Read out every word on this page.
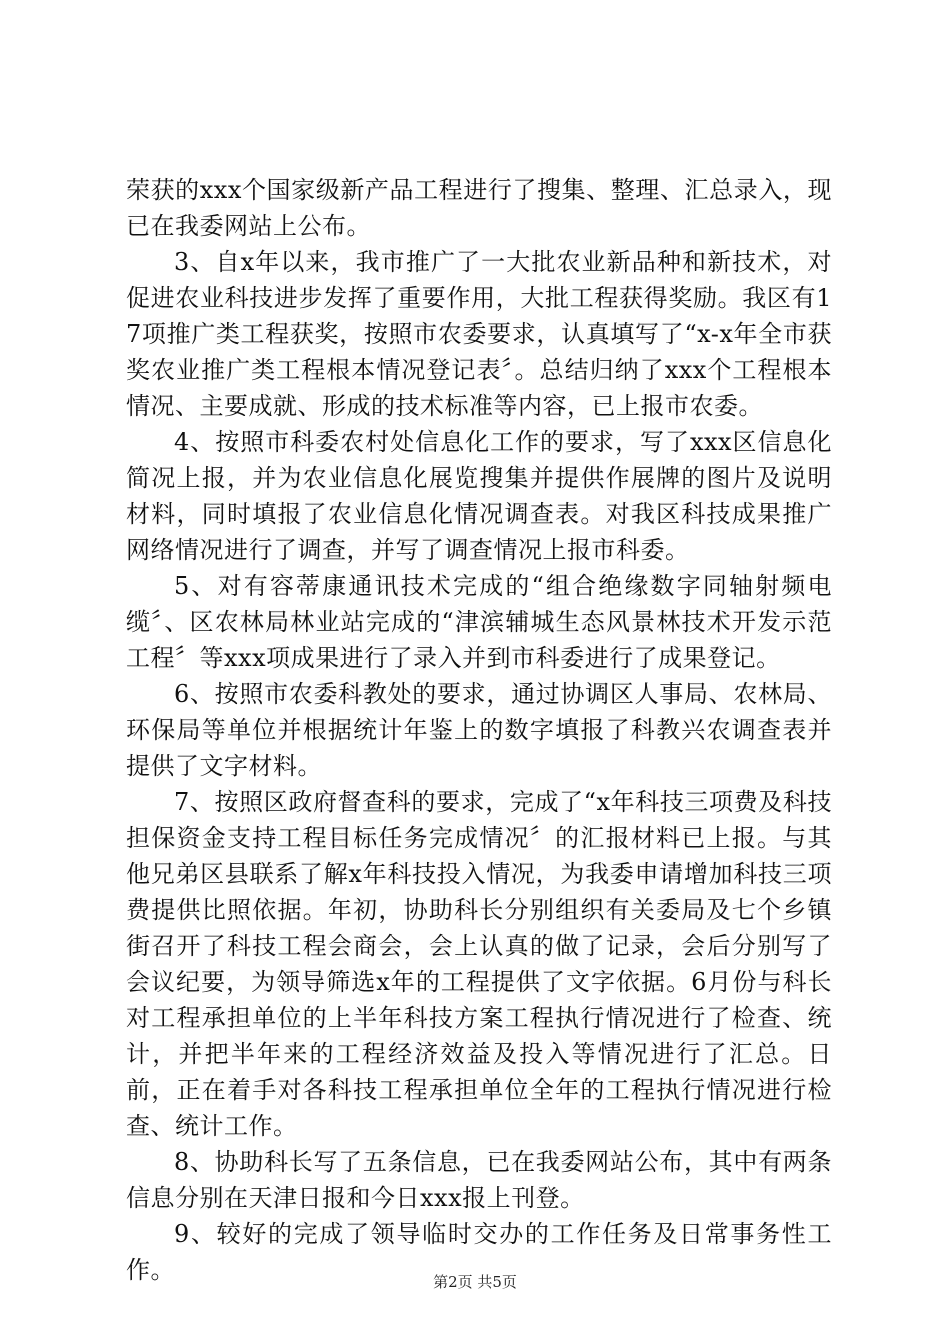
荣获的xxx个国家级新产品工程进行了搜集、整理、汇总录入，现已在我委网站上公布。

3、自x年以来，我市推广了一大批农业新品种和新技术，对促进农业科技进步发挥了重要作用，大批工程获得奖励。我区有17项推广类工程获奖，按照市农委要求，认真填写了“x-x年全市获奖农业推广类工程根本情况登记表〞。总结归纳了xxx个工程根本情况、主要成就、形成的技术标准等内容，已上报市农委。

4、按照市科委农村处信息化工作的要求，写了xxx区信息化简况上报，并为农业信息化展览搜集并提供作展牌的图片及说明材料，同时填报了农业信息化情况调查表。对我区科技成果推广网络情况进行了调查，并写了调查情况上报市科委。

5、对有容蒂康通讯技术完成的“组合绝缘数字同轴射频电缆〞、区农林局林业站完成的“津滨辅城生态风景林技术开发示范工程〞等xxx项成果进行了录入并到市科委进行了成果登记。

6、按照市农委科教处的要求，通过协调区人事局、农林局、环保局等单位并根据统计年鉴上的数字填报了科教兴农调查表并提供了文字材料。

7、按照区政府督查科的要求，完成了“x年科技三项费及科技担保资金支持工程目标任务完成情况〞的汇报材料已上报。与其他兄弟区县联系了解x年科技投入情况，为我委申请增加科技三项费提供比照依据。年初，协助科长分别组织有关委局及七个乡镇街召开了科技工程会商会，会上认真的做了记录，会后分别写了会议纪要，为领导筛选x年的工程提供了文字依据。6月份与科长对工程承担单位的上半年科技方案工程执行情况进行了检查、统计，并把半年来的工程经济效益及投入等情况进行了汇总。日前，正在着手对各科技工程承担单位全年的工程执行情况进行检查、统计工作。

8、协助科长写了五条信息，已在我委网站公布，其中有两条信息分别在天津日报和今日xxx报上刊登。

9、较好的完成了领导临时交办的工作任务及日常事务性工作。	第2页 共5页
